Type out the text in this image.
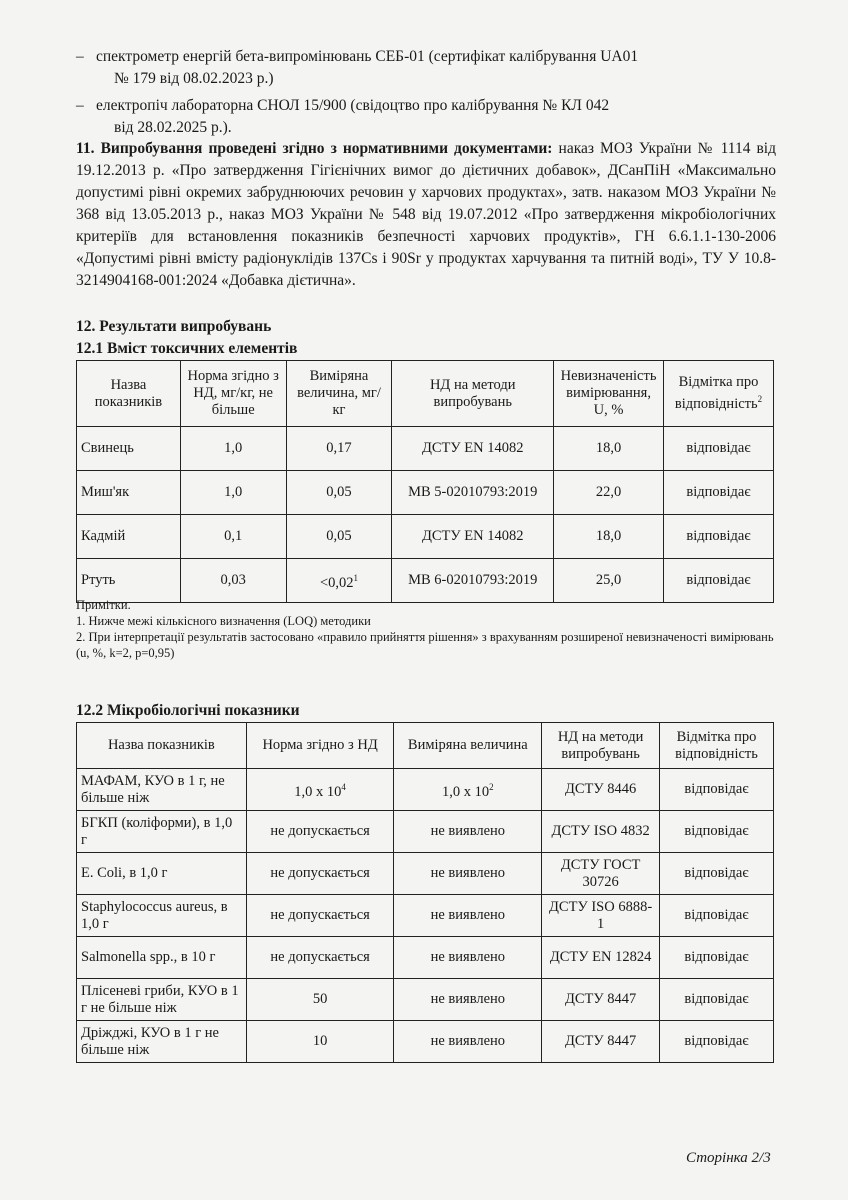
– спектрометр енергій бета-випромінювань СЕБ-01 (сертифікат калібрування UA01
№ 179 від 08.02.2023 р.)
– електропіч лабораторна СНОЛ 15/900 (свідоцтво про калібрування № КЛ 042
від 28.02.2025 р.).
11. Випробування проведені згідно з нормативними документами: наказ МОЗ України № 1114 від 19.12.2013 р. «Про затвердження Гігієнічних вимог до дієтичних добавок», ДСанПіН «Максимально допустимі рівні окремих забруднюючих речовин у харчових продуктах», затв. наказом МОЗ України № 368 від 13.05.2013 р., наказ МОЗ України № 548 від 19.07.2012 «Про затвердження мікробіологічних критеріїв для встановлення показників безпечності харчових продуктів», ГН 6.6.1.1-130-2006 «Допустимі рівні вмісту радіонуклідів 137Cs і 90Sr у продуктах харчування та питній воді», ТУ У 10.8-3214904168-001:2024 «Добавка дієтична».
12. Результати випробувань
12.1 Вміст токсичних елементів
Назва показників	Норма згідно з НД, мг/кг, не більше	Виміряна величина, мг/кг	НД на методи випробувань	Невизначеність вимірювання, U, %	Відмітка про відповідність$^2$
Свинець	1,0	0,17	ДСТУ EN 14082	18,0	відповідає
Миш'як	1,0	0,05	МВ 5-02010793:2019	22,0	відповідає
Кадмій	0,1	0,05	ДСТУ EN 14082	18,0	відповідає
Ртуть	0,03	$<0,02^1$	МВ 6-02010793:2019	25,0	відповідає
Примітки.
1. Нижче межі кількісного визначення (LOQ) методики
2. При інтерпретації результатів застосовано «правило прийняття рішення» з врахуванням розширеної невизначеності вимірювань (u, %, k=2, p=0,95)
12.2 Мікробіологічні показники
Назва показників	Норма згідно з НД	Виміряна величина	НД на методи випробувань	Відмітка про відповідність
МАФАМ, КУО в 1 г, не більше ніж	1,0 x $10^4$	1,0 x $10^2$	ДСТУ 8446	відповідає
БГКП (коліформи), в 1,0 г	не допускається	не виявлено	ДСТУ ISO 4832	відповідає
E. Coli, в 1,0 г	не допускається	не виявлено	ДСТУ ГОСТ 30726	відповідає
Staphylococcus aureus, в 1,0 г	не допускається	не виявлено	ДСТУ ISO 6888-1	відповідає
Salmonella spp., в 10 г	не допускається	не виявлено	ДСТУ EN 12824	відповідає
Плісеневі гриби, КУО в 1 г не більше ніж	50	не виявлено	ДСТУ 8447	відповідає
Дріжджі, КУО в 1 г не більше ніж	10	не виявлено	ДСТУ 8447	відповідає
Сторінка 2/3
